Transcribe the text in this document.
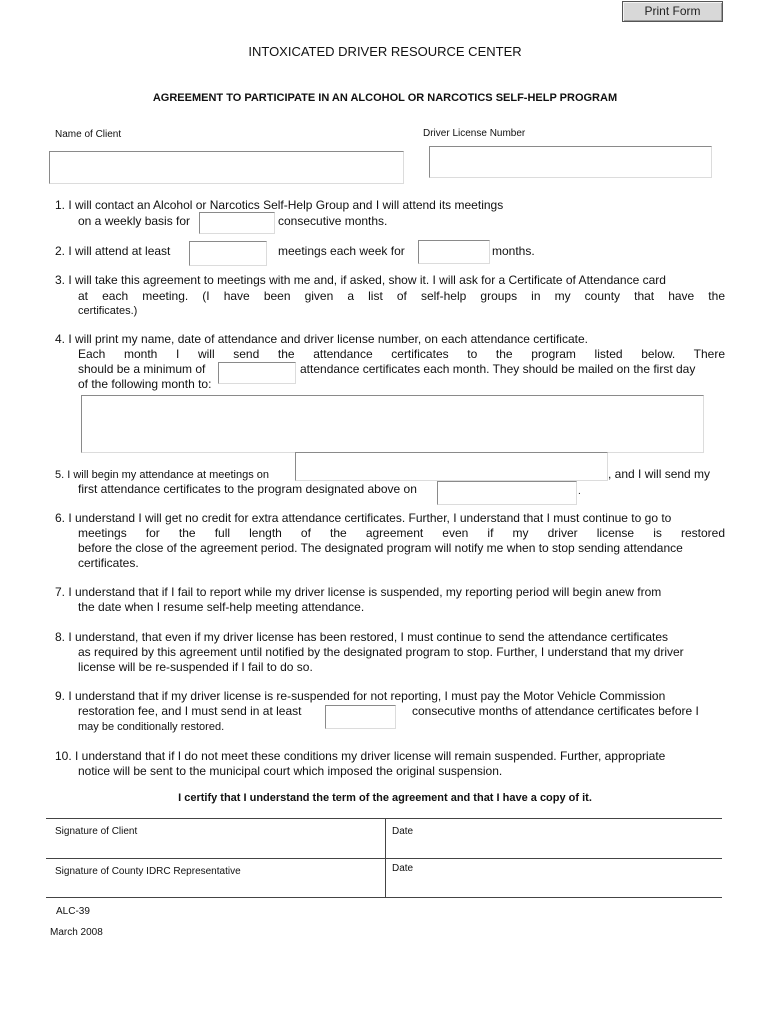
Print Form
INTOXICATED DRIVER RESOURCE CENTER
AGREEMENT TO PARTICIPATE IN AN ALCOHOL OR NARCOTICS SELF-HELP PROGRAM
Name of Client	Driver License Number
1. I will contact an Alcohol or Narcotics Self-Help Group and I will attend its meetings
on a weekly basis for	consecutive months.
2. I will attend at least	meetings each week for	months.
3. I will take this agreement to meetings with me and, if asked, show it. I will ask for a Certificate of Attendance card
at each meeting. (I have been given a list of self-help groups in my county that have the
certificates.)
4. I will print my name, date of attendance and driver license number, on each attendance certificate.
Each month I will send the attendance certificates to the program listed below. There
should be a minimum of	attendance certificates each month. They should be mailed on the first day
of the following month to:
5. I will begin my attendance at meetings on	, and I will send my
first attendance certificates to the program designated above on	.
6. I understand I will get no credit for extra attendance certificates. Further, I understand that I must continue to go to
meetings for the full length of the agreement even if my driver license is restored
before the close of the agreement period. The designated program will notify me when to stop sending attendance
certificates.
7. I understand that if I fail to report while my driver license is suspended, my reporting period will begin anew from
the date when I resume self-help meeting attendance.
8. I understand, that even if my driver license has been restored, I must continue to send the attendance certificates
as required by this agreement until notified by the designated program to stop. Further, I understand that my driver
license will be re-suspended if I fail to do so.
9. I understand that if my driver license is re-suspended for not reporting, I must pay the Motor Vehicle Commission
restoration fee, and I must send in at least	consecutive months of attendance certificates before I
may be conditionally restored.
10. I understand that if I do not meet these conditions my driver license will remain suspended. Further, appropriate
notice will be sent to the municipal court which imposed the original suspension.
I certify that I understand the term of the agreement and that I have a copy of it.
Signature of Client	Date
Signature of County IDRC Representative	Date
ALC-39
March 2008
